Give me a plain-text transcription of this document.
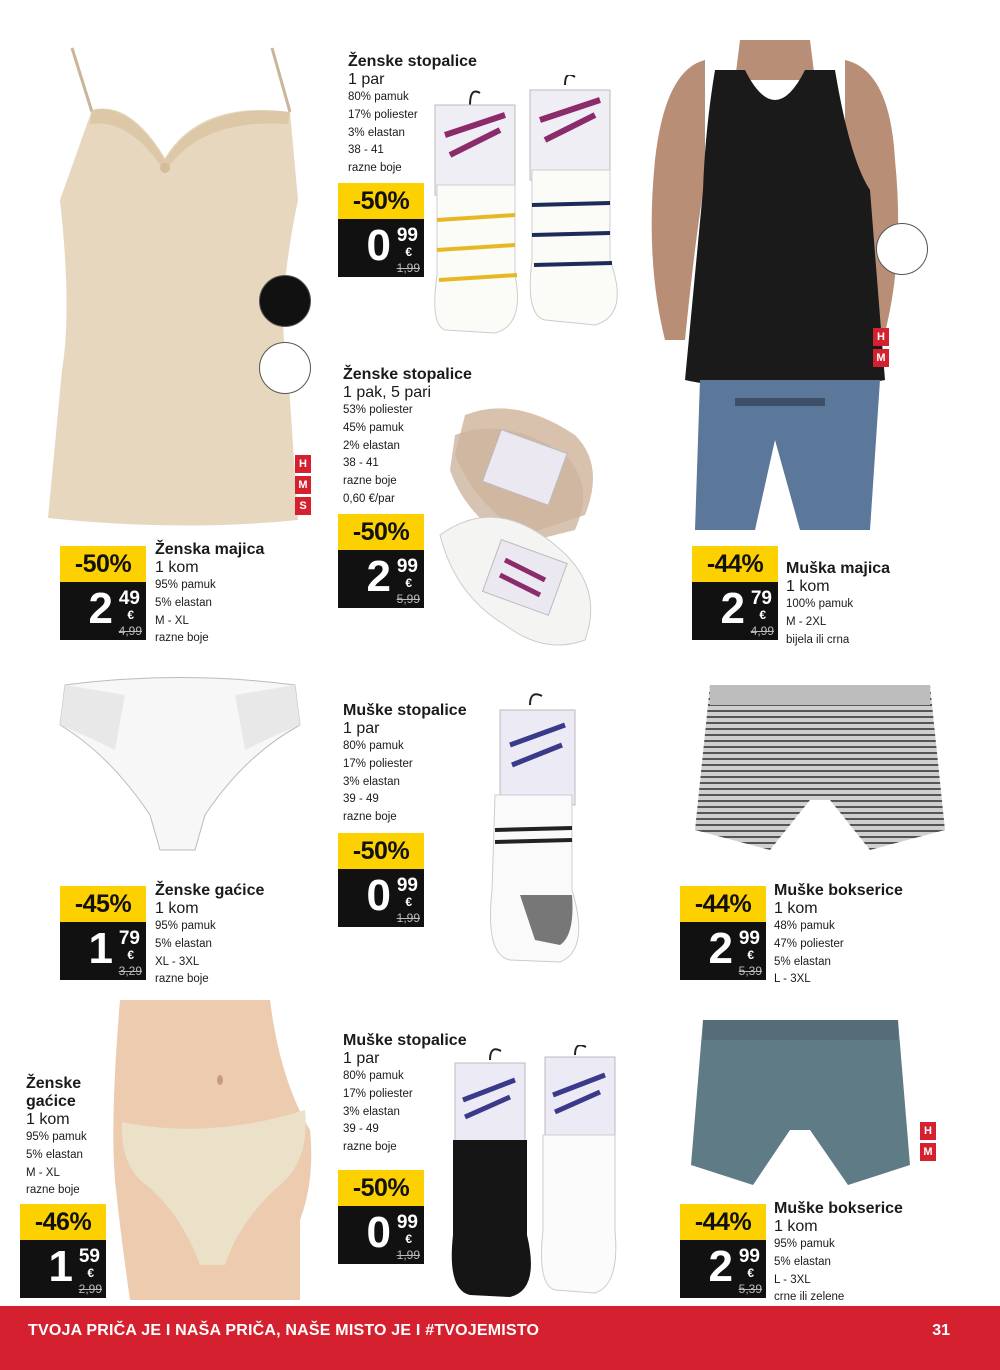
H
M
S
H
M
H
M
Ženske stopalice
1 par
80% pamuk
17% poliester
3% elastan
38 - 41
razne boje
-50%
0 99
€
1,99
Ženske stopalice
1 pak, 5 pari
53% poliester
45% pamuk
2% elastan
38 - 41
razne boje
0,60 €/par
-50%
2 99
€
5,99
-50%
2 49
€
4,99
Ženska majica
1 kom
95% pamuk
5% elastan
M - XL
razne boje
-44%
2 79
€
4,99
Muška majica
1 kom
100% pamuk
M - 2XL
bijela ili crna
Muške stopalice
1 par
80% pamuk
17% poliester
3% elastan
39 - 49
razne boje
-50%
0 99
€
1,99
-45%
1 79
€
3,29
Ženske gaćice
1 kom
95% pamuk
5% elastan
XL - 3XL
razne boje
-44%
2 99
€
5,39
Muške bokserice
1 kom
48% pamuk
47% poliester
5% elastan
L - 3XL
Muške stopalice
1 par
80% pamuk
17% poliester
3% elastan
39 - 49
razne boje
-50%
0 99
€
1,99
Ženske gaćice
1 kom
95% pamuk
5% elastan
M - XL
razne boje
-46%
1 59
€
2,99
-44%
2 99
€
5,39
Muške bokserice
1 kom
95% pamuk
5% elastan
L - 3XL
crne ili zelene
TVOJA PRIČA JE I NAŠA PRIČA, NAŠE MISTO JE I #TVOJEMISTO	31
